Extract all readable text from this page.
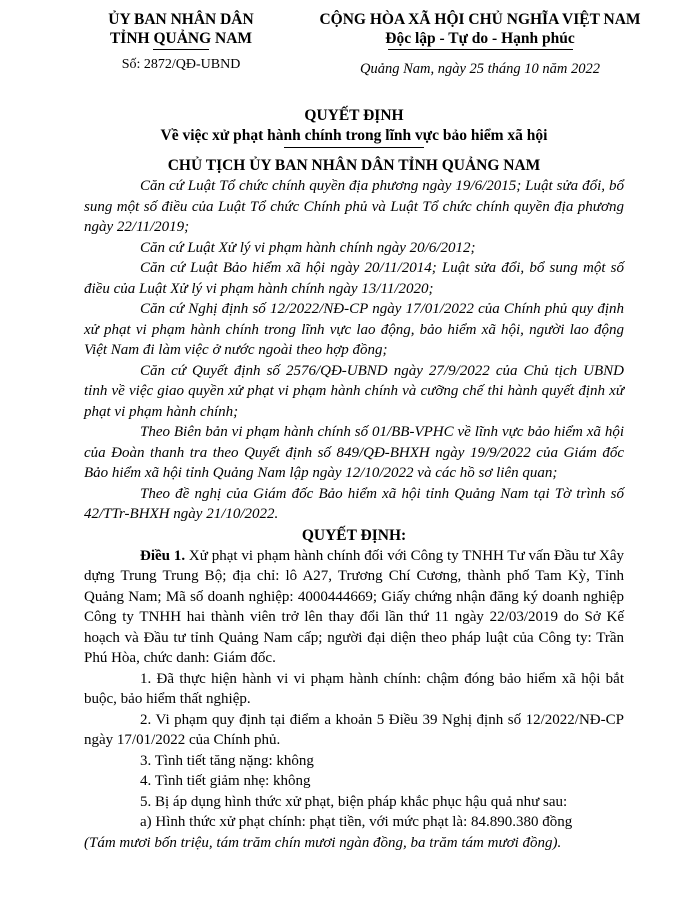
ỦY BAN NHÂN DÂN
TỈNH QUẢNG NAM
Số: 2872/QĐ-UBND
CỘNG HÒA XÃ HỘI CHỦ NGHĨA VIỆT NAM
Độc lập - Tự do - Hạnh phúc
Quảng Nam, ngày 25 tháng 10 năm 2022
QUYẾT ĐỊNH
Về việc xử phạt hành chính trong lĩnh vực bảo hiểm xã hội
CHỦ TỊCH ỦY BAN NHÂN DÂN TỈNH QUẢNG NAM

Căn cứ Luật Tổ chức chính quyền địa phương ngày 19/6/2015; Luật sửa đổi, bổ sung một số điều của Luật Tổ chức Chính phủ và Luật Tổ chức chính quyền địa phương ngày 22/11/2019;

Căn cứ Luật Xử lý vi phạm hành chính ngày 20/6/2012;

Căn cứ Luật Bảo hiểm xã hội ngày 20/11/2014; Luật sửa đổi, bổ sung một số điều của Luật Xử lý vi phạm hành chính ngày 13/11/2020;

Căn cứ Nghị định số 12/2022/NĐ-CP ngày 17/01/2022 của Chính phủ quy định xử phạt vi phạm hành chính trong lĩnh vực lao động, bảo hiểm xã hội, người lao động Việt Nam đi làm việc ở nước ngoài theo hợp đồng;

Căn cứ Quyết định số 2576/QĐ-UBND ngày 27/9/2022 của Chủ tịch UBND tỉnh về việc giao quyền xử phạt vi phạm hành chính và cưỡng chế thi hành quyết định xử phạt vi phạm hành chính;

Theo Biên bản vi phạm hành chính số 01/BB-VPHC về lĩnh vực bảo hiểm xã hội của Đoàn thanh tra theo Quyết định số 849/QĐ-BHXH ngày 19/9/2022 của Giám đốc Bảo hiểm xã hội tỉnh Quảng Nam lập ngày 12/10/2022 và các hồ sơ liên quan;

Theo đề nghị của Giám đốc Bảo hiểm xã hội tỉnh Quảng Nam tại Tờ trình số 42/TTr-BHXH ngày 21/10/2022.

QUYẾT ĐỊNH:

Điều 1. Xử phạt vi phạm hành chính đối với Công ty TNHH Tư vấn Đầu tư Xây dựng Trung Trung Bộ; địa chỉ: lô A27, Trương Chí Cương, thành phố Tam Kỳ, Tỉnh Quảng Nam; Mã số doanh nghiệp: 4000444669; Giấy chứng nhận đăng ký doanh nghiệp Công ty TNHH hai thành viên trở lên thay đổi lần thứ 11 ngày 22/03/2019 do Sở Kế hoạch và Đầu tư tỉnh Quảng Nam cấp; người đại diện theo pháp luật của Công ty: Trần Phú Hòa, chức danh: Giám đốc.

1. Đã thực hiện hành vi vi phạm hành chính: chậm đóng bảo hiểm xã hội bắt buộc, bảo hiểm thất nghiệp.

2. Vi phạm quy định tại điểm a khoản 5 Điều 39 Nghị định số 12/2022/NĐ-CP ngày 17/01/2022 của Chính phủ.

3. Tình tiết tăng nặng: không

4. Tình tiết giảm nhẹ: không

5. Bị áp dụng hình thức xử phạt, biện pháp khắc phục hậu quả như sau:

a) Hình thức xử phạt chính: phạt tiền, với mức phạt là: 84.890.380 đồng

(Tám mươi bốn triệu, tám trăm chín mươi ngàn đồng, ba trăm tám mươi đồng).
